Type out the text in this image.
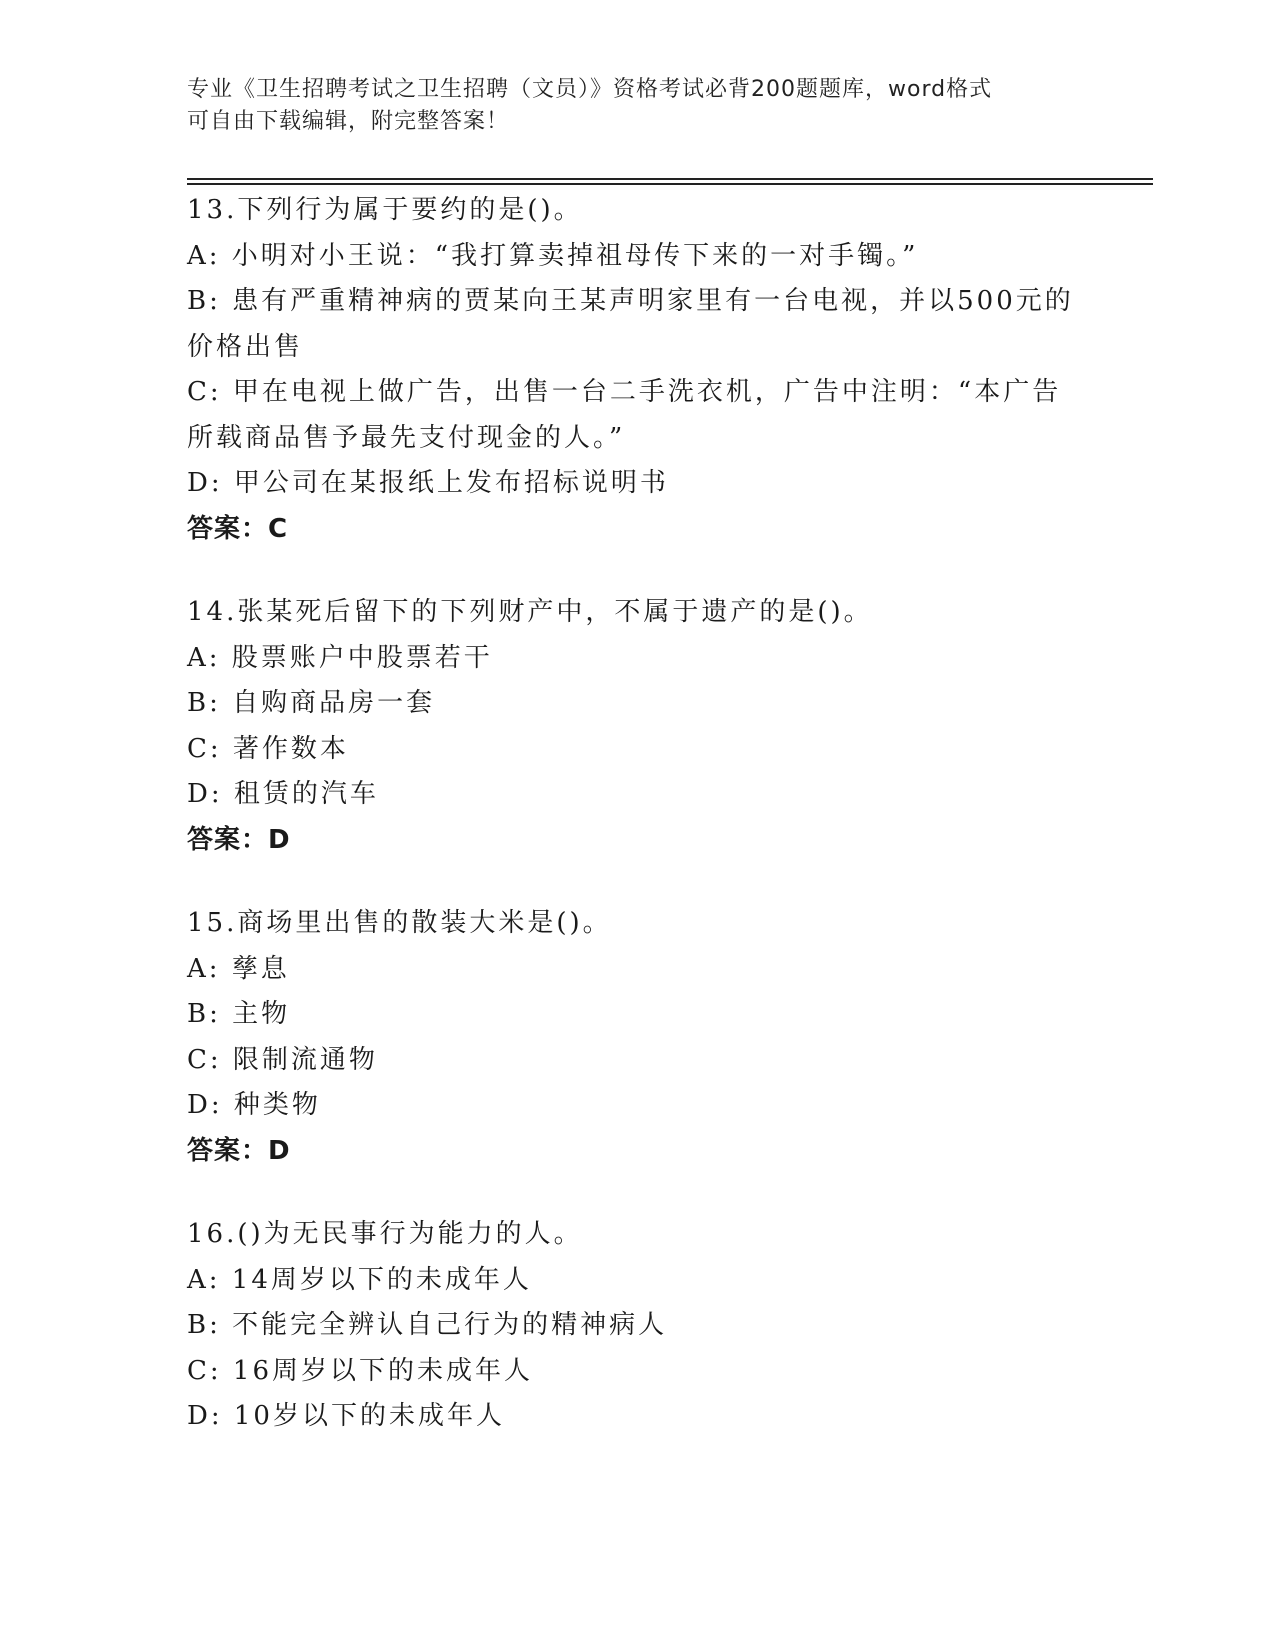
专业《卫生招聘考试之卫生招聘（文员）》资格考试必背200题题库，word格式
可自由下载编辑，附完整答案！
13.下列行为属于要约的是()。
A: 小明对小王说：“我打算卖掉祖母传下来的一对手镯。”
B: 患有严重精神病的贾某向王某声明家里有一台电视，并以500元的
价格出售
C: 甲在电视上做广告，出售一台二手洗衣机，广告中注明：“本广告
所载商品售予最先支付现金的人。”
D: 甲公司在某报纸上发布招标说明书
答案：C
14.张某死后留下的下列财产中，不属于遗产的是()。
A: 股票账户中股票若干
B: 自购商品房一套
C: 著作数本
D: 租赁的汽车
答案：D
15.商场里出售的散装大米是()。
A: 孳息
B: 主物
C: 限制流通物
D: 种类物
答案：D
16.()为无民事行为能力的人。
A: 14周岁以下的未成年人
B: 不能完全辨认自己行为的精神病人
C: 16周岁以下的未成年人
D: 10岁以下的未成年人
